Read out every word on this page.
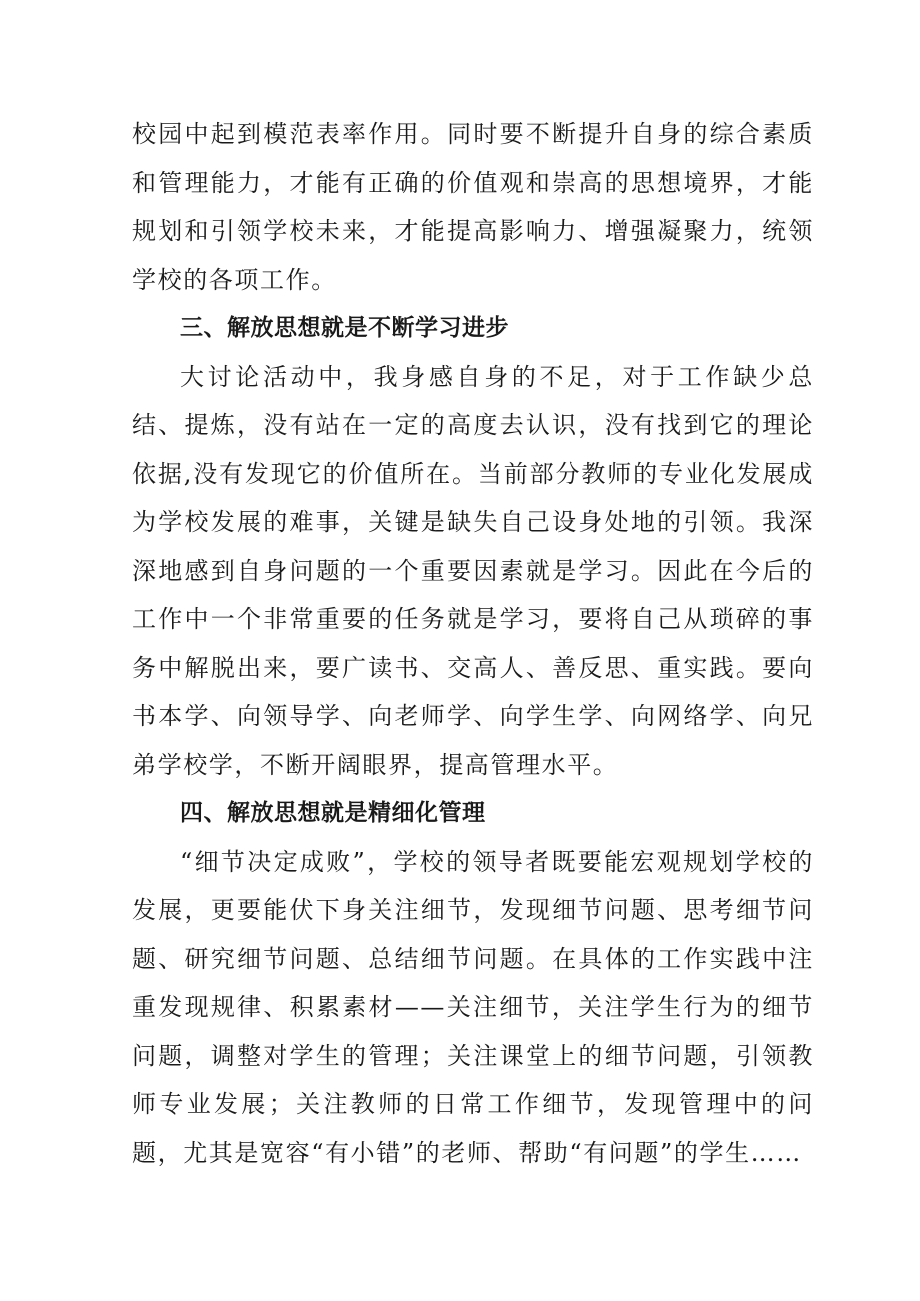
校园中起到模范表率作用。同时要不断提升自身的综合素质和管理能力，才能有正确的价值观和崇高的思想境界，才能规划和引领学校未来，才能提高影响力、增强凝聚力，统领学校的各项工作。

三、解放思想就是不断学习进步

大讨论活动中，我身感自身的不足，对于工作缺少总结、提炼，没有站在一定的高度去认识，没有找到它的理论依据,没有发现它的价值所在。当前部分教师的专业化发展成为学校发展的难事，关键是缺失自己设身处地的引领。我深深地感到自身问题的一个重要因素就是学习。因此在今后的工作中一个非常重要的任务就是学习，要将自己从琐碎的事务中解脱出来，要广读书、交高人、善反思、重实践。要向书本学、向领导学、向老师学、向学生学、向网络学、向兄弟学校学，不断开阔眼界，提高管理水平。

四、解放思想就是精细化管理

“细节决定成败”，学校的领导者既要能宏观规划学校的发展，更要能伏下身关注细节，发现细节问题、思考细节问题、研究细节问题、总结细节问题。在具体的工作实践中注重发现规律、积累素材——关注细节，关注学生行为的细节问题，调整对学生的管理；关注课堂上的细节问题，引领教师专业发展；关注教师的日常工作细节，发现管理中的问题，尤其是宽容“有小错”的老师、帮助“有问题”的学生……
